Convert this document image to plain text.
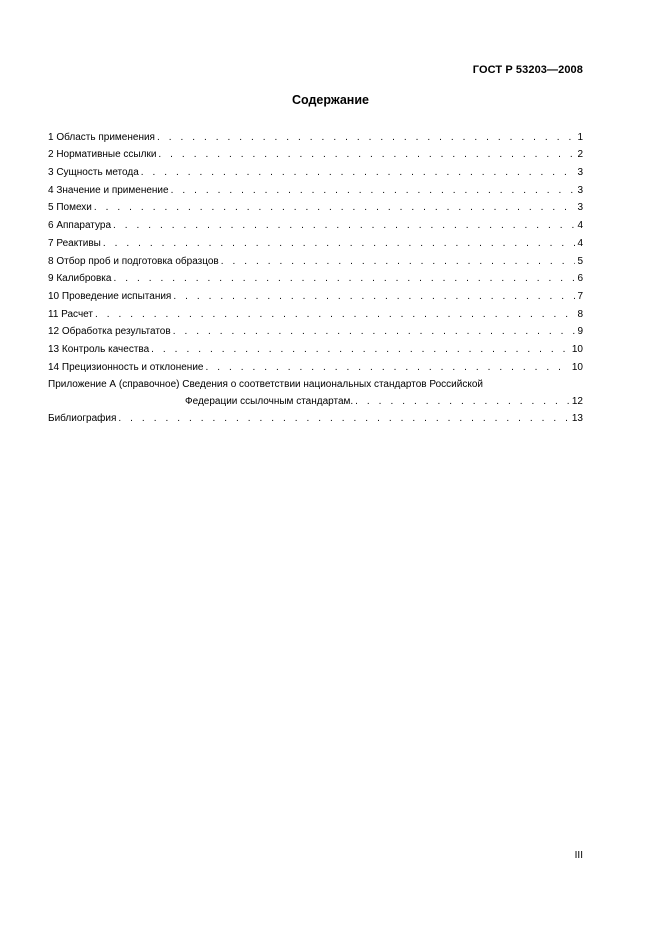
ГОСТ Р 53203—2008
Содержание
1 Область применения . . .	1
2 Нормативные ссылки . . .	2
3 Сущность метода . . .	3
4 Значение и применение . . .	3
5 Помехи . . .	3
6 Аппаратура . . .	4
7 Реактивы . . .	4
8 Отбор проб и подготовка образцов . . .	5
9 Калибровка . . .	6
10 Проведение испытания . . .	7
11 Расчет . . .	8
12 Обработка результатов . . .	9
13 Контроль качества . . .	10
14 Прецизионность и отклонение . . .	10
Приложение А (справочное) Сведения о соответствии национальных стандартов Российской
Федерации ссылочным стандартам. . . .	12
Библиография . . .	13
III
